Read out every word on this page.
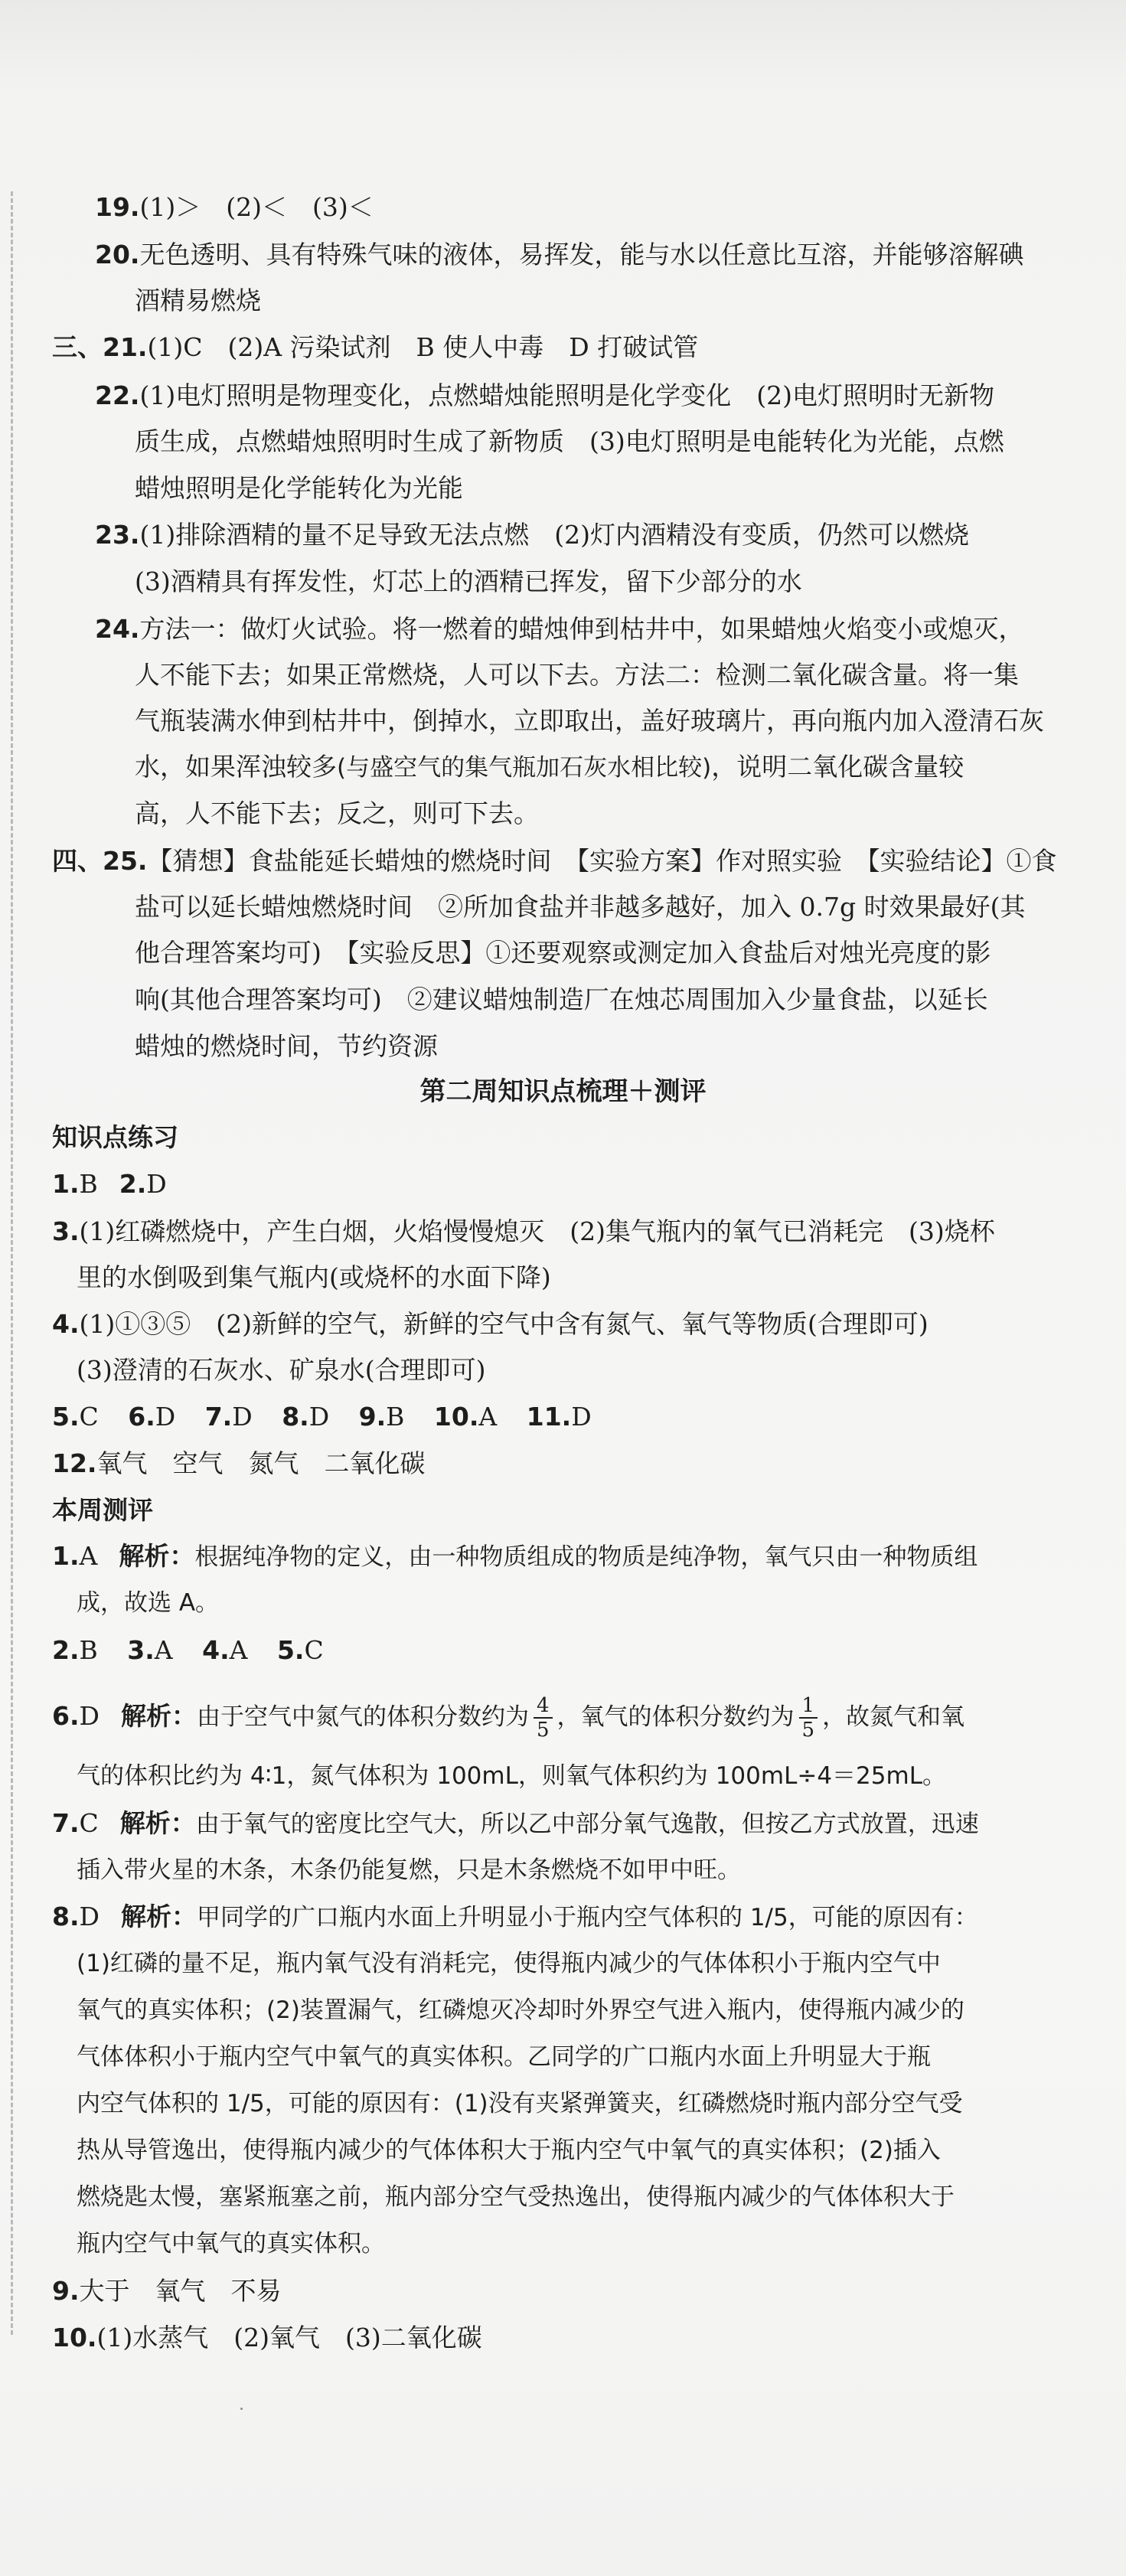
19.(1)＞　(2)＜　(3)＜
20.无色透明、具有特殊气味的液体，易挥发，能与水以任意比互溶，并能够溶解碘
酒精易燃烧
三、21.(1)C　(2)A 污染试剂　B 使人中毒　D 打破试管
22.(1)电灯照明是物理变化，点燃蜡烛能照明是化学变化　(2)电灯照明时无新物
质生成，点燃蜡烛照明时生成了新物质　(3)电灯照明是电能转化为光能，点燃
蜡烛照明是化学能转化为光能
23.(1)排除酒精的量不足导致无法点燃　(2)灯内酒精没有变质，仍然可以燃烧
(3)酒精具有挥发性，灯芯上的酒精已挥发，留下少部分的水
24.方法一：做灯火试验。将一燃着的蜡烛伸到枯井中，如果蜡烛火焰变小或熄灭，
人不能下去；如果正常燃烧，人可以下去。方法二：检测二氧化碳含量。将一集
气瓶装满水伸到枯井中，倒掉水，立即取出，盖好玻璃片，再向瓶内加入澄清石灰
水，如果浑浊较多(与盛空气的集气瓶加石灰水相比较)，说明二氧化碳含量较
高，人不能下去；反之，则可下去。
四、25.【猜想】食盐能延长蜡烛的燃烧时间　【实验方案】作对照实验　【实验结论】①食
盐可以延长蜡烛燃烧时间　②所加食盐并非越多越好，加入 0.7g 时效果最好(其
他合理答案均可)　【实验反思】①还要观察或测定加入食盐后对烛光亮度的影
响(其他合理答案均可)　②建议蜡烛制造厂在烛芯周围加入少量食盐，以延长
蜡烛的燃烧时间，节约资源
第二周知识点梳理＋测评
知识点练习
1.B 2.D
3.(1)红磷燃烧中，产生白烟，火焰慢慢熄灭　(2)集气瓶内的氧气已消耗完　(3)烧杯
里的水倒吸到集气瓶内(或烧杯的水面下降)
4.(1)①③⑤　(2)新鲜的空气，新鲜的空气中含有氮气、氧气等物质(合理即可)
(3)澄清的石灰水、矿泉水(合理即可)
5.C 6.D 7.D 8.D 9.B 10.A 11.D
12.氧气　空气　氮气　二氧化碳
本周测评
1.A 解析：根据纯净物的定义，由一种物质组成的物质是纯净物，氧气只由一种物质组
成，故选 A。
2.B 3.A 4.A 5.C
6.D 解析：由于空气中氮气的体积分数约为 $\frac{4}{5}$ ，氧气的体积分数约为 $\frac{1}{5}$ ，故氮气和氧
气的体积比约为 4∶1，氮气体积为 100mL，则氧气体积约为 100mL÷4＝25mL。
7.C 解析：由于氧气的密度比空气大，所以乙中部分氧气逸散，但按乙方式放置，迅速
插入带火星的木条，木条仍能复燃，只是木条燃烧不如甲中旺。
8.D 解析：甲同学的广口瓶内水面上升明显小于瓶内空气体积的 1/5，可能的原因有：
(1)红磷的量不足，瓶内氧气没有消耗完，使得瓶内减少的气体体积小于瓶内空气中
氧气的真实体积；(2)装置漏气，红磷熄灭冷却时外界空气进入瓶内，使得瓶内减少的
气体体积小于瓶内空气中氧气的真实体积。乙同学的广口瓶内水面上升明显大于瓶
内空气体积的 1/5，可能的原因有：(1)没有夹紧弹簧夹，红磷燃烧时瓶内部分空气受
热从导管逸出，使得瓶内减少的气体体积大于瓶内空气中氧气的真实体积；(2)插入
燃烧匙太慢，塞紧瓶塞之前，瓶内部分空气受热逸出，使得瓶内减少的气体体积大于
瓶内空气中氧气的真实体积。
9.大于　氧气　不易
10.(1)水蒸气　(2)氧气　(3)二氧化碳
